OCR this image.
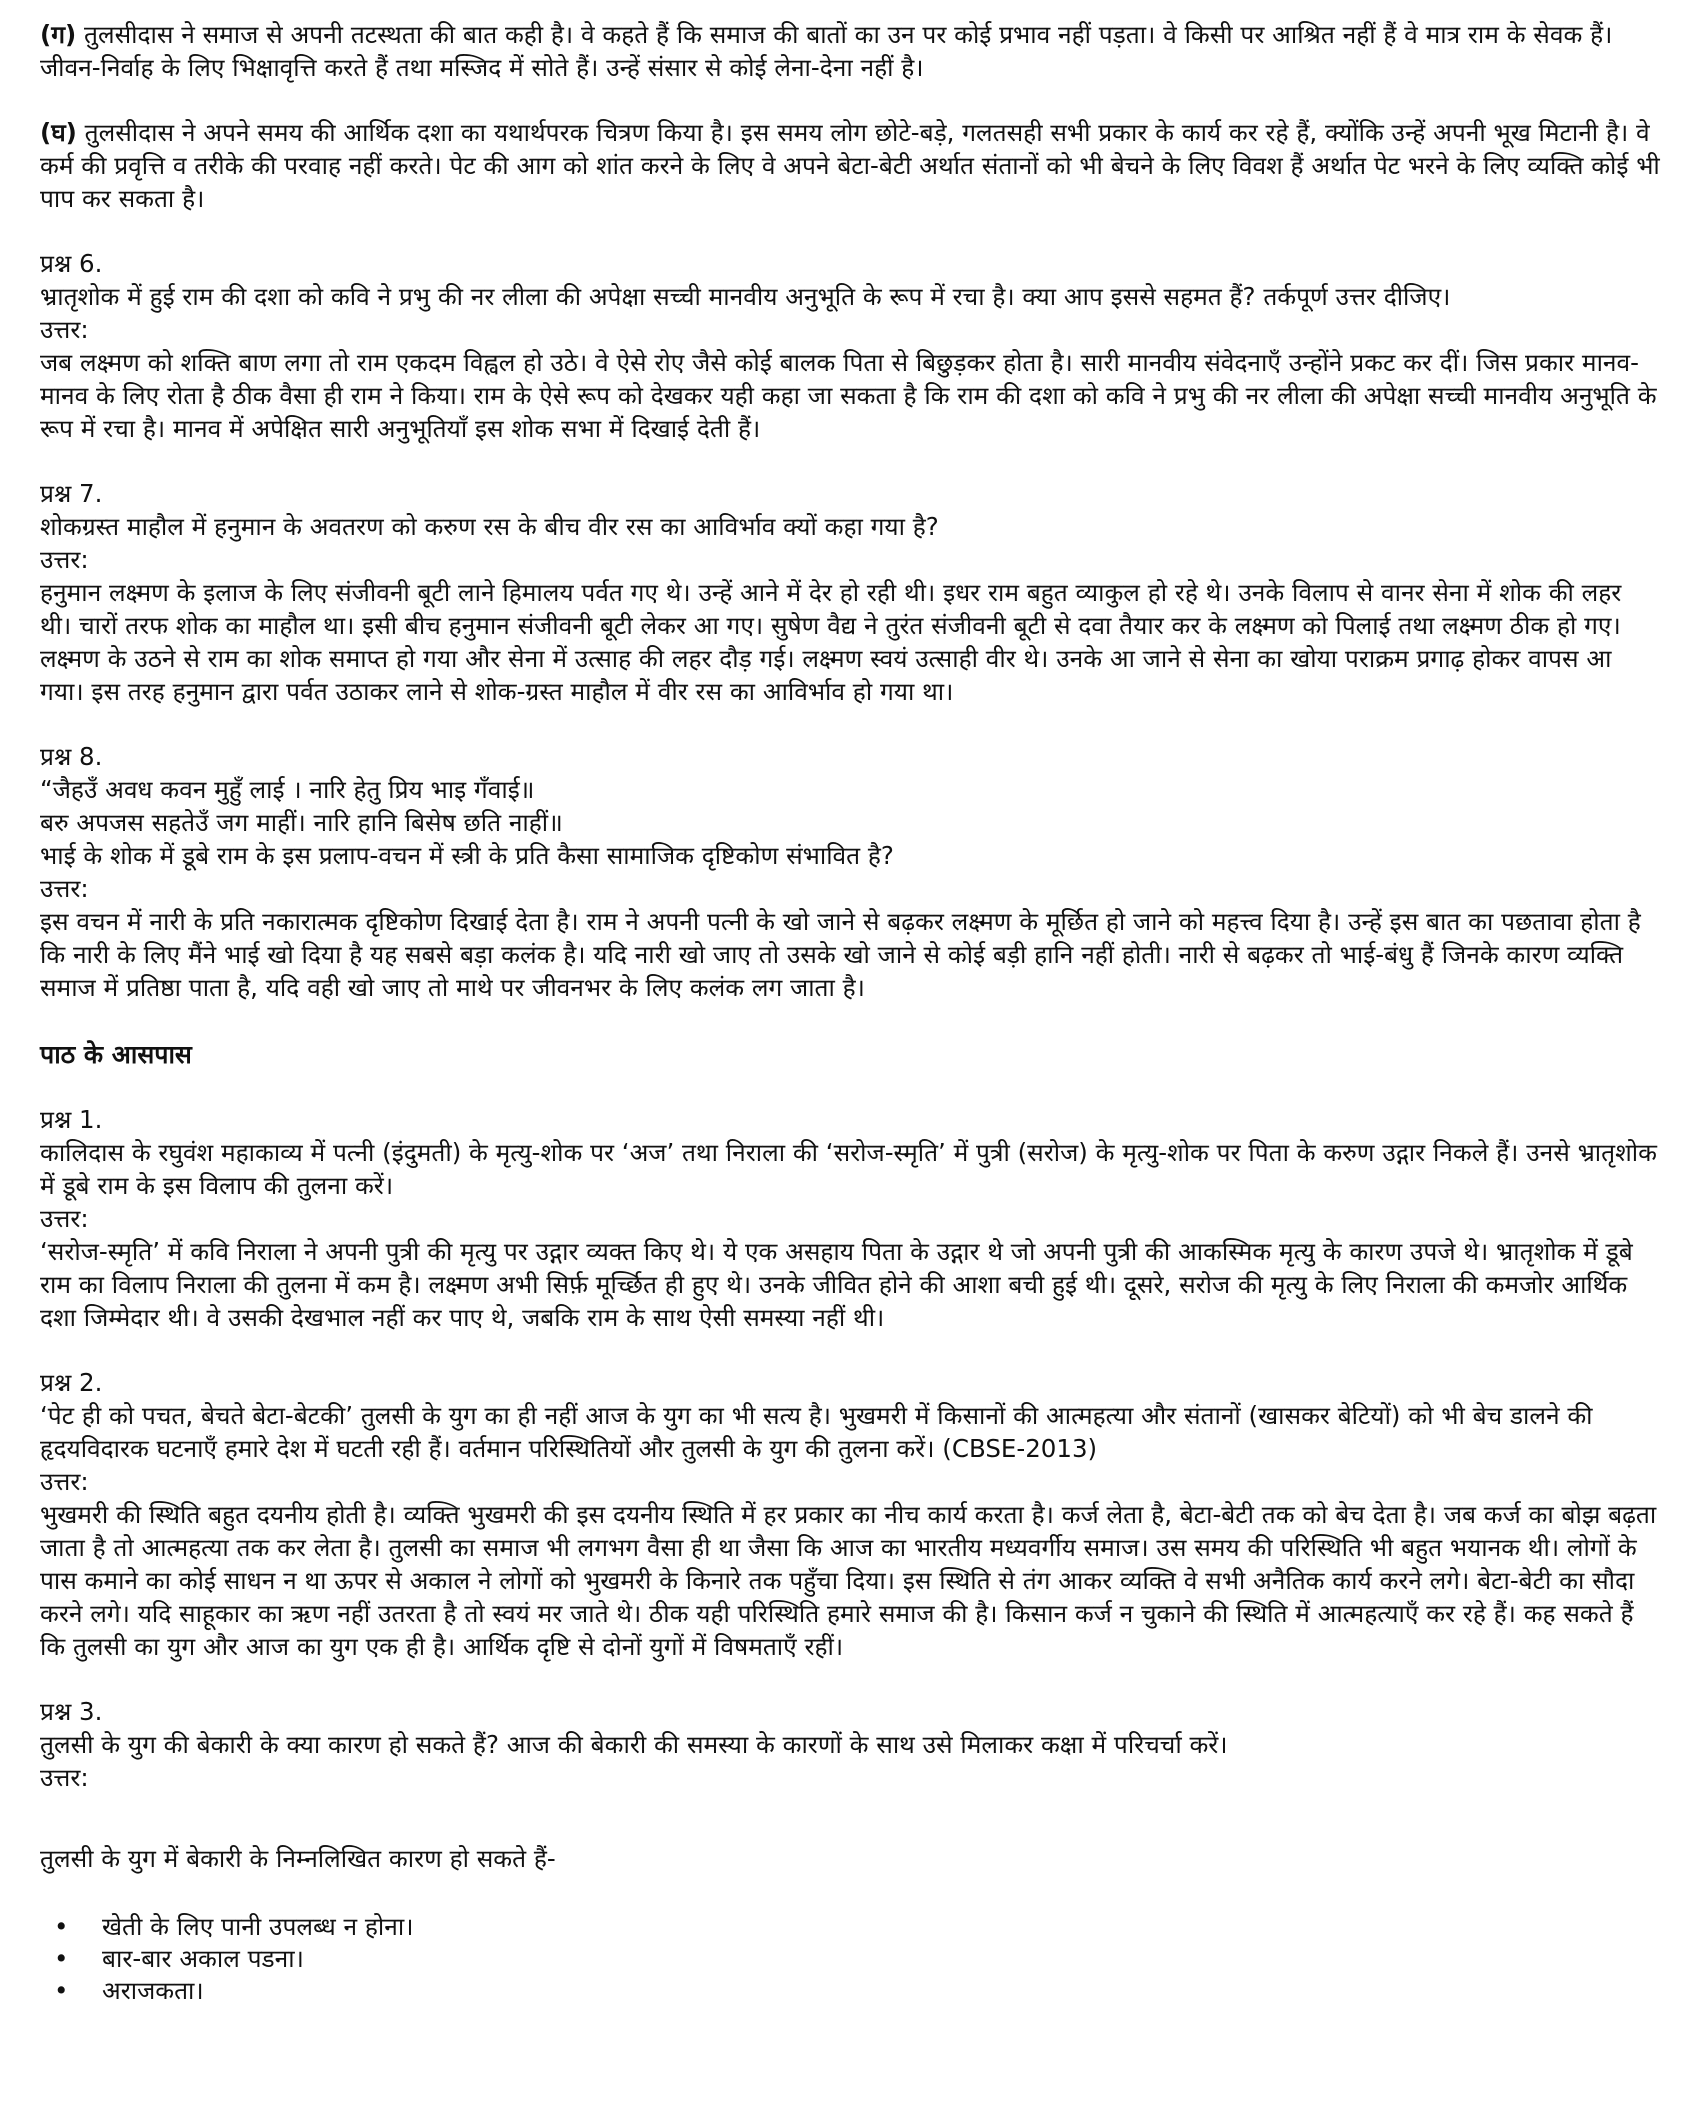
(ग) तुलसीदास ने समाज से अपनी तटस्थता की बात कही है। वे कहते हैं कि समाज की बातों का उन पर कोई प्रभाव नहीं पड़ता। वे किसी पर आश्रित नहीं हैं वे मात्र राम के सेवक हैं। जीवन-निर्वाह के लिए भिक्षावृत्ति करते हैं तथा मस्जिद में सोते हैं। उन्हें संसार से कोई लेना-देना नहीं है।

(घ) तुलसीदास ने अपने समय की आर्थिक दशा का यथार्थपरक चित्रण किया है। इस समय लोग छोटे-बड़े, गलतसही सभी प्रकार के कार्य कर रहे हैं, क्योंकि उन्हें अपनी भूख मिटानी है। वे कर्म की प्रवृत्ति व तरीके की परवाह नहीं करते। पेट की आग को शांत करने के लिए वे अपने बेटा-बेटी अर्थात संतानों को भी बेचने के लिए विवश हैं अर्थात पेट भरने के लिए व्यक्ति कोई भी पाप कर सकता है।

प्रश्न 6.

भ्रातृशोक में हुई राम की दशा को कवि ने प्रभु की नर लीला की अपेक्षा सच्ची मानवीय अनुभूति के रूप में रचा है। क्या आप इससे सहमत हैं? तर्कपूर्ण उत्तर दीजिए।

उत्तर:

जब लक्ष्मण को शक्ति बाण लगा तो राम एकदम विह्वल हो उठे। वे ऐसे रोए जैसे कोई बालक पिता से बिछुड़कर होता है। सारी मानवीय संवेदनाएँ उन्होंने प्रकट कर दीं। जिस प्रकार मानव-मानव के लिए रोता है ठीक वैसा ही राम ने किया। राम के ऐसे रूप को देखकर यही कहा जा सकता है कि राम की दशा को कवि ने प्रभु की नर लीला की अपेक्षा सच्ची मानवीय अनुभूति के रूप में रचा है। मानव में अपेक्षित सारी अनुभूतियाँ इस शोक सभा में दिखाई देती हैं।

प्रश्न 7.

शोकग्रस्त माहौल में हनुमान के अवतरण को करुण रस के बीच वीर रस का आविर्भाव क्यों कहा गया है?

उत्तर:

हनुमान लक्ष्मण के इलाज के लिए संजीवनी बूटी लाने हिमालय पर्वत गए थे। उन्हें आने में देर हो रही थी। इधर राम बहुत व्याकुल हो रहे थे। उनके विलाप से वानर सेना में शोक की लहर थी। चारों तरफ शोक का माहौल था। इसी बीच हनुमान संजीवनी बूटी लेकर आ गए। सुषेण वैद्य ने तुरंत संजीवनी बूटी से दवा तैयार कर के लक्ष्मण को पिलाई तथा लक्ष्मण ठीक हो गए। लक्ष्मण के उठने से राम का शोक समाप्त हो गया और सेना में उत्साह की लहर दौड़ गई। लक्ष्मण स्वयं उत्साही वीर थे। उनके आ जाने से सेना का खोया पराक्रम प्रगाढ़ होकर वापस आ गया। इस तरह हनुमान द्वारा पर्वत उठाकर लाने से शोक-ग्रस्त माहौल में वीर रस का आविर्भाव हो गया था।

प्रश्न 8.

“जैहउँ अवध कवन मुहुँ लाई । नारि हेतु प्रिय भाइ गँवाई॥

बरु अपजस सहतेउँ जग माहीं। नारि हानि बिसेष छति नाहीं॥

भाई के शोक में डूबे राम के इस प्रलाप-वचन में स्त्री के प्रति कैसा सामाजिक दृष्टिकोण संभावित है?

उत्तर:

इस वचन में नारी के प्रति नकारात्मक दृष्टिकोण दिखाई देता है। राम ने अपनी पत्नी के खो जाने से बढ़कर लक्ष्मण के मूर्छित हो जाने को महत्त्व दिया है। उन्हें इस बात का पछतावा होता है कि नारी के लिए मैंने भाई खो दिया है यह सबसे बड़ा कलंक है। यदि नारी खो जाए तो उसके खो जाने से कोई बड़ी हानि नहीं होती। नारी से बढ़कर तो भाई-बंधु हैं जिनके कारण व्यक्ति समाज में प्रतिष्ठा पाता है, यदि वही खो जाए तो माथे पर जीवनभर के लिए कलंक लग जाता है।

पाठ के आसपास

प्रश्न 1.

कालिदास के रघुवंश महाकाव्य में पत्नी (इंदुमती) के मृत्यु-शोक पर ‘अज’ तथा निराला की ‘सरोज-स्मृति’ में पुत्री (सरोज) के मृत्यु-शोक पर पिता के करुण उद्गार निकले हैं। उनसे भ्रातृशोक में डूबे राम के इस विलाप की तुलना करें।

उत्तर:

‘सरोज-स्मृति’ में कवि निराला ने अपनी पुत्री की मृत्यु पर उद्गार व्यक्त किए थे। ये एक असहाय पिता के उद्गार थे जो अपनी पुत्री की आकस्मिक मृत्यु के कारण उपजे थे। भ्रातृशोक में डूबे राम का विलाप निराला की तुलना में कम है। लक्ष्मण अभी सिर्फ़ मूर्च्छित ही हुए थे। उनके जीवित होने की आशा बची हुई थी। दूसरे, सरोज की मृत्यु के लिए निराला की कमजोर आर्थिक दशा जिम्मेदार थी। वे उसकी देखभाल नहीं कर पाए थे, जबकि राम के साथ ऐसी समस्या नहीं थी।

प्रश्न 2.

‘पेट ही को पचत, बेचते बेटा-बेटकी’ तुलसी के युग का ही नहीं आज के युग का भी सत्य है। भुखमरी में किसानों की आत्महत्या और संतानों (खासकर बेटियों) को भी बेच डालने की हृदयविदारक घटनाएँ हमारे देश में घटती रही हैं। वर्तमान परिस्थितियों और तुलसी के युग की तुलना करें। (CBSE-2013)

उत्तर:

भुखमरी की स्थिति बहुत दयनीय होती है। व्यक्ति भुखमरी की इस दयनीय स्थिति में हर प्रकार का नीच कार्य करता है। कर्ज लेता है, बेटा-बेटी तक को बेच देता है। जब कर्ज का बोझ बढ़ता जाता है तो आत्महत्या तक कर लेता है। तुलसी का समाज भी लगभग वैसा ही था जैसा कि आज का भारतीय मध्यवर्गीय समाज। उस समय की परिस्थिति भी बहुत भयानक थी। लोगों के पास कमाने का कोई साधन न था ऊपर से अकाल ने लोगों को भुखमरी के किनारे तक पहुँचा दिया। इस स्थिति से तंग आकर व्यक्ति वे सभी अनैतिक कार्य करने लगे। बेटा-बेटी का सौदा करने लगे। यदि साहूकार का ऋण नहीं उतरता है तो स्वयं मर जाते थे। ठीक यही परिस्थिति हमारे समाज की है। किसान कर्ज न चुकाने की स्थिति में आत्महत्याएँ कर रहे हैं। कह सकते हैं कि तुलसी का युग और आज का युग एक ही है। आर्थिक दृष्टि से दोनों युगों में विषमताएँ रहीं।

प्रश्न 3.

तुलसी के युग की बेकारी के क्या कारण हो सकते हैं? आज की बेकारी की समस्या के कारणों के साथ उसे मिलाकर कक्षा में परिचर्चा करें।

उत्तर:

तुलसी के युग में बेकारी के निम्नलिखित कारण हो सकते हैं-

• खेती के लिए पानी उपलब्ध न होना।
• बार-बार अकाल पडना।
• अराजकता।
